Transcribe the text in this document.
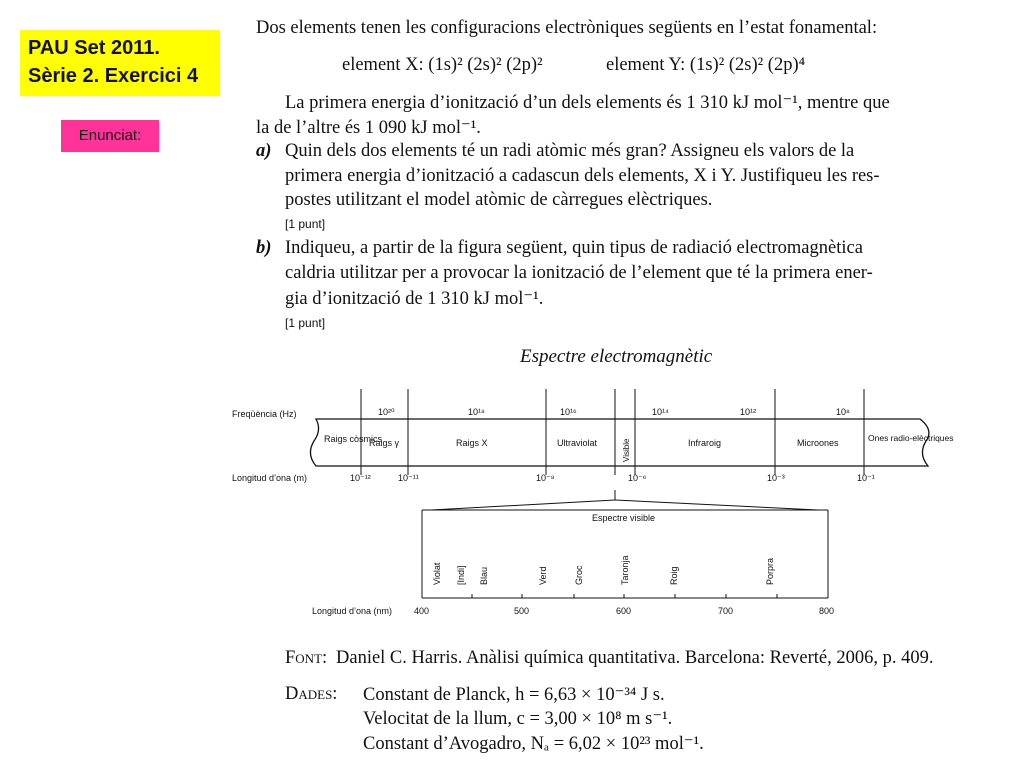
PAU Set 2011.
Sèrie 2. Exercici 4
Enunciat:
Dos elements tenen les configuracions electròniques següents en l’estat fonamental:
element X: (1s)² (2s)² (2p)²	element Y: (1s)² (2s)² (2p)⁴
La primera energia d’ionització d’un dels elements és 1 310 kJ mol⁻¹, mentre que
la de l’altre és 1 090 kJ mol⁻¹.
a) Quin dels dos elements té un radi atòmic més gran? Assigneu els valors de la
primera energia d’ionització a cadascun dels elements, X i Y. Justifiqueu les res-
postes utilitzant el model atòmic de càrregues elèctriques.
[1 punt]
b) Indiqueu, a partir de la figura següent, quin tipus de radiació electromagnètica
caldria utilitzar per a provocar la ionització de l’element que té la primera ener-
gia d’ionització de 1 310 kJ mol⁻¹.
[1 punt]
Espectre electromagnètic
Freqüència (Hz)	10²⁰	10¹⁸	10¹⁶	10¹⁴	10¹²	10⁸
Raigs còsmics
Raigs γ	Raigs X	Ultraviolat	Visible	Infraroig	Microones	Ones radio-elèctriques
Longitud d’ona (m)	10⁻¹²	10⁻¹¹	10⁻⁸	10⁻⁶	10⁻³	10⁻¹
Espectre visible
Violat [Indi] Blau	Verd	Groc	Taronja	Roig	Porpra
Longitud d’ona (nm) 400	500	600	700	800
Font: Daniel C. Harris. Anàlisi química quantitativa. Barcelona: Reverté, 2006, p. 409.
Dades: Constant de Planck, h = 6,63 × 10⁻³⁴ J s.
Velocitat de la llum, c = 3,00 × 10⁸ m s⁻¹.
Constant d’Avogadro, Nₐ = 6,02 × 10²³ mol⁻¹.
